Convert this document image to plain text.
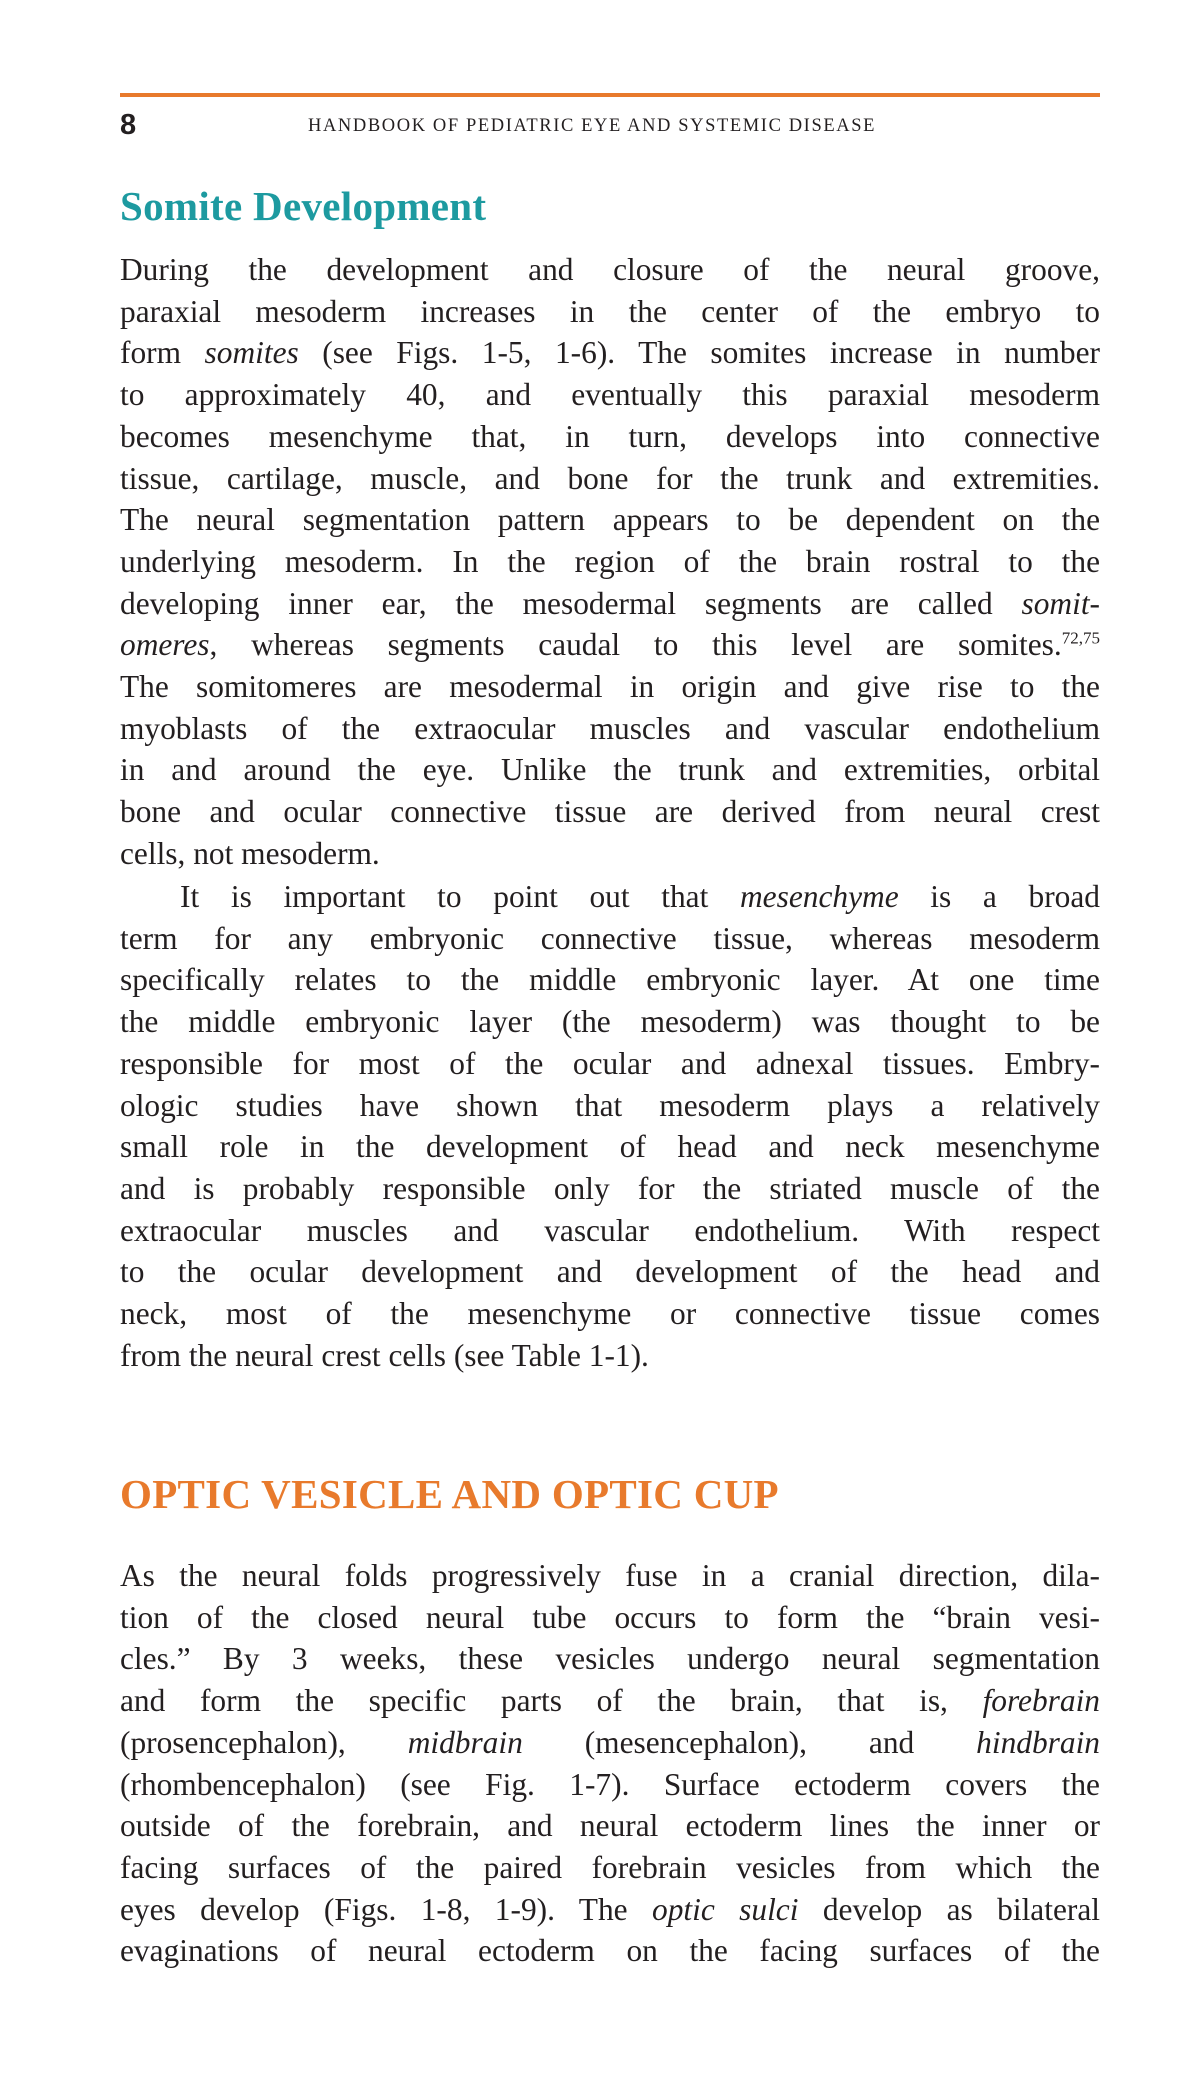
8	HANDBOOK OF PEDIATRIC EYE AND SYSTEMIC DISEASE
Somite Development
During the development and closure of the neural groove,
paraxial mesoderm increases in the center of the embryo to
form somites (see Figs. 1-5, 1-6). The somites increase in number
to approximately 40, and eventually this paraxial mesoderm
becomes mesenchyme that, in turn, develops into connective
tissue, cartilage, muscle, and bone for the trunk and extremities.
The neural segmentation pattern appears to be dependent on the
underlying mesoderm. In the region of the brain rostral to the
developing inner ear, the mesodermal segments are called somit-
omeres, whereas segments caudal to this level are somites.$^{72,75}$
The somitomeres are mesodermal in origin and give rise to the
myoblasts of the extraocular muscles and vascular endothelium
in and around the eye. Unlike the trunk and extremities, orbital
bone and ocular connective tissue are derived from neural crest
cells, not mesoderm.
It is important to point out that mesenchyme is a broad
term for any embryonic connective tissue, whereas mesoderm
specifically relates to the middle embryonic layer. At one time
the middle embryonic layer (the mesoderm) was thought to be
responsible for most of the ocular and adnexal tissues. Embry-
ologic studies have shown that mesoderm plays a relatively
small role in the development of head and neck mesenchyme
and is probably responsible only for the striated muscle of the
extraocular muscles and vascular endothelium. With respect
to the ocular development and development of the head and
neck, most of the mesenchyme or connective tissue comes
from the neural crest cells (see Table 1-1).
OPTIC VESICLE AND OPTIC CUP
As the neural folds progressively fuse in a cranial direction, dila-
tion of the closed neural tube occurs to form the “brain vesi-
cles.” By 3 weeks, these vesicles undergo neural segmentation
and form the specific parts of the brain, that is, forebrain
(prosencephalon), midbrain (mesencephalon), and hindbrain
(rhombencephalon) (see Fig. 1-7). Surface ectoderm covers the
outside of the forebrain, and neural ectoderm lines the inner or
facing surfaces of the paired forebrain vesicles from which the
eyes develop (Figs. 1-8, 1-9). The optic sulci develop as bilateral
evaginations of neural ectoderm on the facing surfaces of the
